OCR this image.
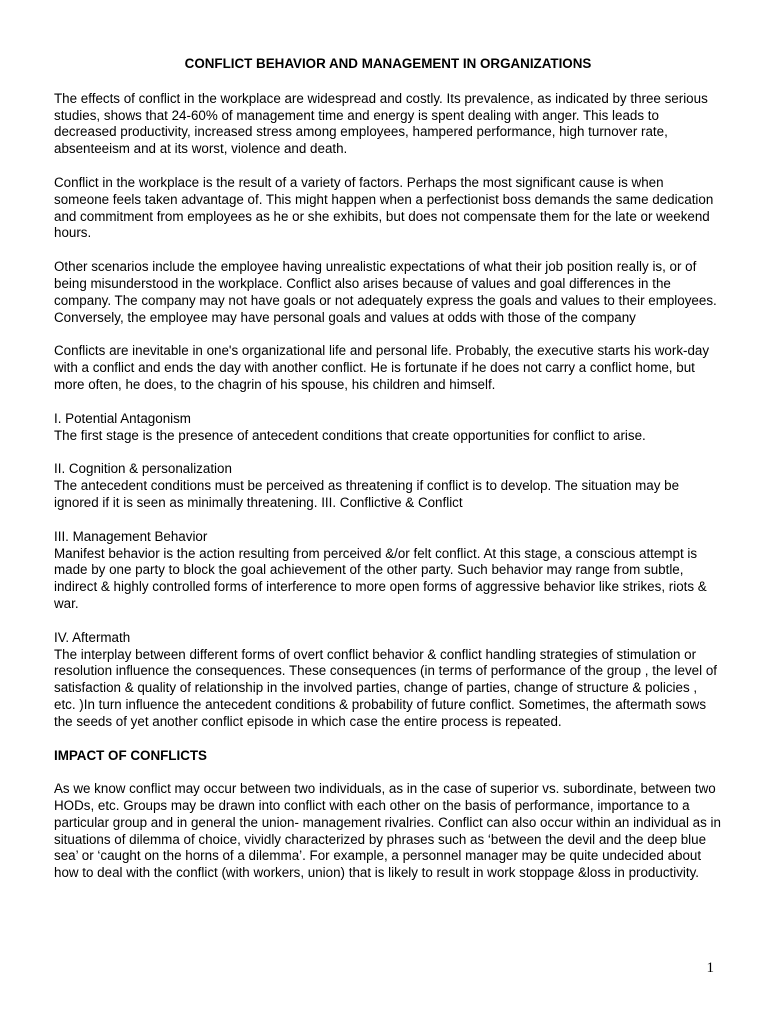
CONFLICT BEHAVIOR AND MANAGEMENT IN ORGANIZATIONS

The effects of conflict in the workplace are widespread and costly. Its prevalence, as indicated by three serious studies, shows that 24-60% of management time and energy is spent dealing with anger. This leads to decreased productivity, increased stress among employees, hampered performance, high turnover rate, absenteeism and at its worst, violence and death.

Conflict in the workplace is the result of a variety of factors. Perhaps the most significant cause is when someone feels taken advantage of. This might happen when a perfectionist boss demands the same dedication and commitment from employees as he or she exhibits, but does not compensate them for the late or weekend hours.

Other scenarios include the employee having unrealistic expectations of what their job position really is, or of being misunderstood in the workplace. Conflict also arises because of values and goal differences in the company. The company may not have goals or not adequately express the goals and values to their employees. Conversely, the employee may have personal goals and values at odds with those of the company

Conflicts are inevitable in one's organizational life and personal life. Probably, the executive starts his work-day with a conflict and ends the day with another conflict. He is fortunate if he does not carry a conflict home, but more often, he does, to the chagrin of his spouse, his children and himself.

I. Potential Antagonism
The first stage is the presence of antecedent conditions that create opportunities for conflict to arise.

II. Cognition & personalization
The antecedent conditions must be perceived as threatening if conflict is to develop. The situation may be ignored if it is seen as minimally threatening. III. Conflictive & Conflict

III. Management Behavior
Manifest behavior is the action resulting from perceived &/or felt conflict. At this stage, a conscious attempt is made by one party to block the goal achievement of the other party. Such behavior may range from subtle, indirect & highly controlled forms of interference to more open forms of aggressive behavior like strikes, riots & war.

IV. Aftermath
The interplay between different forms of overt conflict behavior & conflict handling strategies of stimulation or resolution influence the consequences. These consequences (in terms of performance of the group , the level of satisfaction & quality of relationship in the involved parties, change of parties, change of structure & policies , etc. )In turn influence the antecedent conditions & probability of future conflict. Sometimes, the aftermath sows the seeds of yet another conflict episode in which case the entire process is repeated.

IMPACT OF CONFLICTS

As we know conflict may occur between two individuals, as in the case of superior vs. subordinate, between two HODs, etc. Groups may be drawn into conflict with each other on the basis of performance, importance to a particular group and in general the union- management rivalries. Conflict can also occur within an individual as in situations of dilemma of choice, vividly characterized by phrases such as ‘between the devil and the deep blue sea’ or ‘caught on the horns of a dilemma’. For example, a personnel manager may be quite undecided about how to deal with the conflict (with workers, union) that is likely to result in work stoppage &loss in productivity.

1
